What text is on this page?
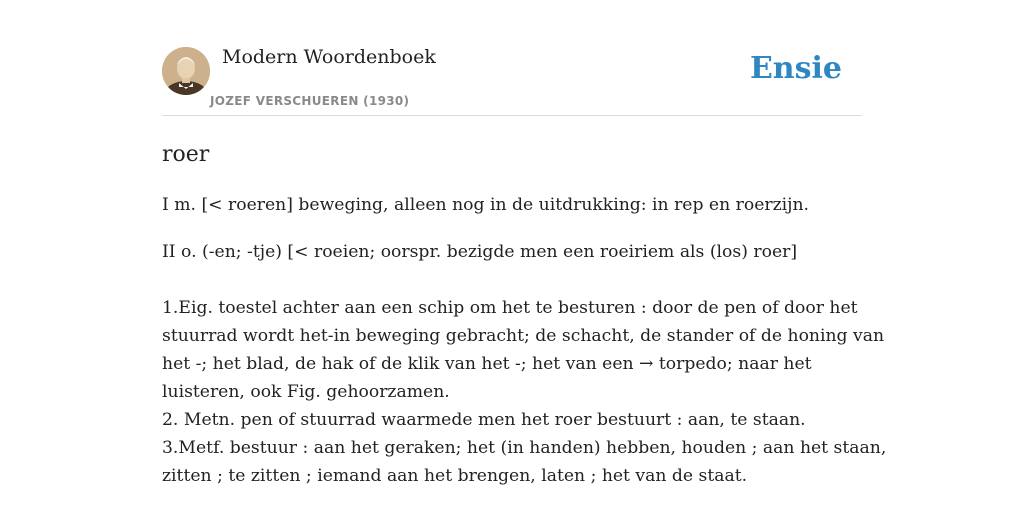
Modern Woordenboek
JOZEF VERSCHUEREN (1930)
Ensie
roer

I m. [< roeren] beweging, alleen nog in de uitdrukking: in rep en roerzijn.

II o. (-en; -tje) [< roeien; oorspr. bezigde men een roeiriem als (los) roer]

1.Eig. toestel achter aan een schip om het te besturen : door de pen of door het
stuurrad wordt het-in beweging gebracht; de schacht, de stander of de honing van
het -; het blad, de hak of de klik van het -; het van een → torpedo; naar het
luisteren, ook Fig. gehoorzamen.
2. Metn. pen of stuurrad waarmede men het roer bestuurt : aan, te staan.
3.Metf. bestuur : aan het geraken; het (in handen) hebben, houden ; aan het staan,
zitten ; te zitten ; iemand aan het brengen, laten ; het van de staat.
